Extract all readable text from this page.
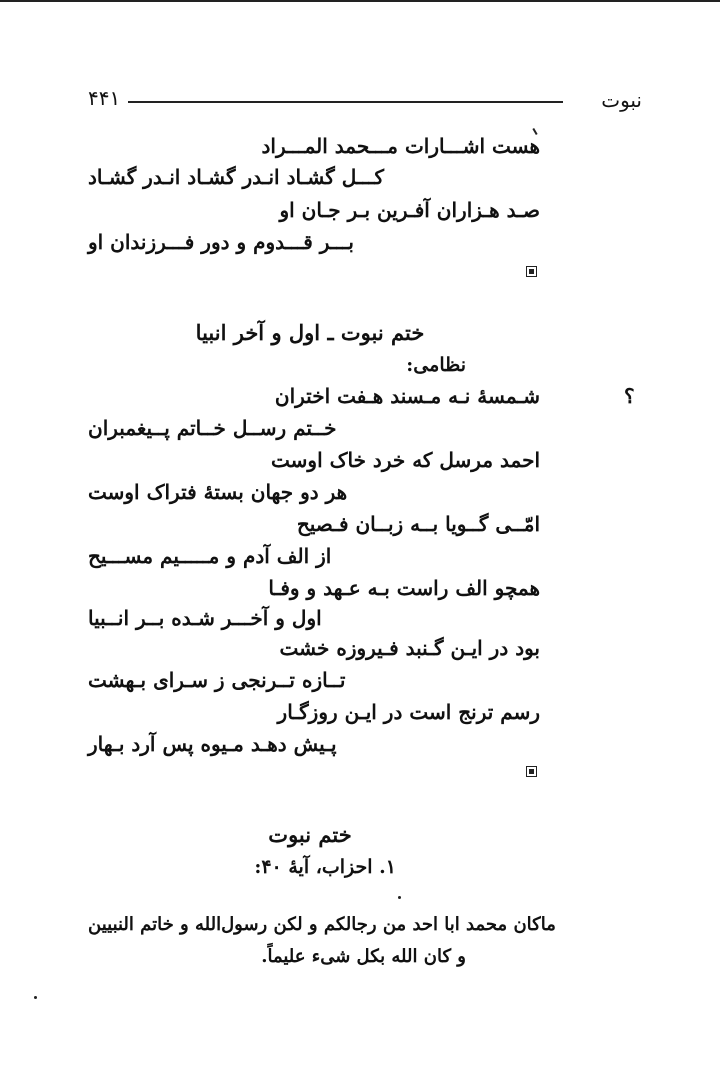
نبوت
۴۴۱
هست اشـــارات مـــحمد المـــراد
کـــل گشـاد انـدر گشـاد انـدر گشـاد
صـد هـزاران آفـرین بـر جـان او
بـــر قـــدوم و دور فـــرزندان او
ختم نبوت ـ اول و آخر انبیا
نظامی:
؟
شـمسهٔ نـه مـسند هـفت اختران
خــتم رســل خــاتم پــیغمبران
احمد مرسل که خرد خاک اوست
هر دو جهان بستهٔ فتراک اوست
امّــی گــویا بــه زبــان فـصیح
از الف آدم و مـــــیم مســـیح
همچو الف راست بـه عـهد و وفـا
اول و آخـــر شـده بــر انــبیا
بود در ایـن گـنبد فـیروزه خشت
تــازه تــرنجی ز سـرای بـهشت
رسم ترنج است در ایـن روزگـار
پـیش دهـد مـیوه پس آرد بـهار
ختم نبوت
۱. احزاب، آیهٔ ۴۰:
ماکان محمد ابا احد من رجالکم و لکن رسول‌الله و خاتم النبیین
و کان الله بکل شیء علیماً.
